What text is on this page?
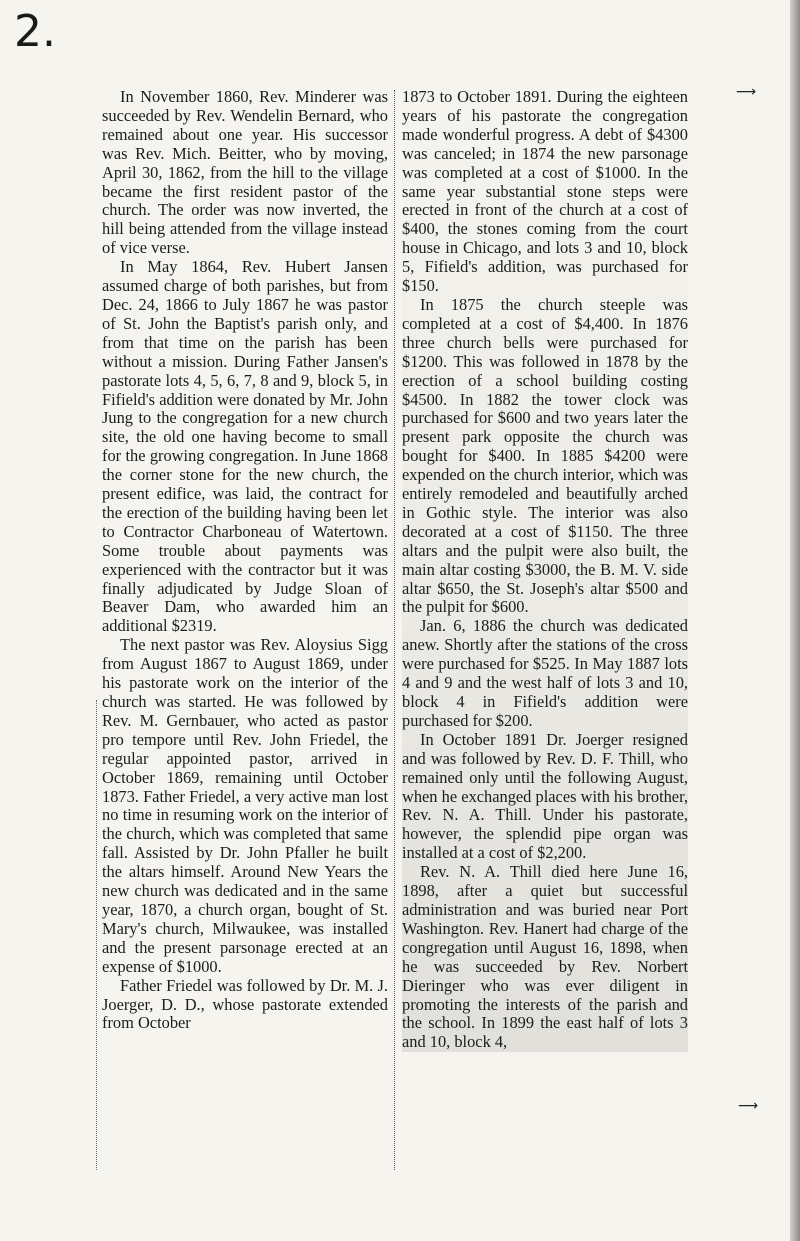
2.
⟶
⟶

In November 1860, Rev. Minderer was succeeded by Rev. Wendelin Bernard, who remained about one year. His successor was Rev. Mich. Beitter, who by moving, April 30, 1862, from the hill to the village became the first resident pastor of the church. The order was now inverted, the hill being attended from the village instead of vice verse.

In May 1864, Rev. Hubert Jansen assumed charge of both parishes, but from Dec. 24, 1866 to July 1867 he was pastor of St. John the Baptist's parish only, and from that time on the parish has been without a mission. During Father Jansen's pastorate lots 4, 5, 6, 7, 8 and 9, block 5, in Fifield's addition were donated by Mr. John Jung to the congregation for a new church site, the old one having become to small for the growing congregation. In June 1868 the corner stone for the new church, the present edifice, was laid, the contract for the erection of the building having been let to Contractor Charboneau of Watertown. Some trouble about payments was experienced with the contractor but it was finally adjudicated by Judge Sloan of Beaver Dam, who awarded him an additional $2319.

The next pastor was Rev. Aloysius Sigg from August 1867 to August 1869, under his pastorate work on the interior of the church was started. He was followed by Rev. M. Gernbauer, who acted as pastor pro tempore until Rev. John Friedel, the regular appointed pastor, arrived in October 1869, remaining until October 1873. Father Friedel, a very active man lost no time in resuming work on the interior of the church, which was completed that same fall. Assisted by Dr. John Pfaller he built the altars himself. Around New Years the new church was dedicated and in the same year, 1870, a church organ, bought of St. Mary's church, Milwaukee, was installed and the present parsonage erected at an expense of $1000.

Father Friedel was followed by Dr. M. J. Joerger, D. D., whose pastorate extended from October

1873 to October 1891. During the eighteen years of his pastorate the congregation made wonderful progress. A debt of $4300 was canceled; in 1874 the new parsonage was completed at a cost of $1000. In the same year substantial stone steps were erected in front of the church at a cost of $400, the stones coming from the court house in Chicago, and lots 3 and 10, block 5, Fifield's addition, was purchased for $150.

In 1875 the church steeple was completed at a cost of $4,400. In 1876 three church bells were purchased for $1200. This was followed in 1878 by the erection of a school building costing $4500. In 1882 the tower clock was purchased for $600 and two years later the present park opposite the church was bought for $400. In 1885 $4200 were expended on the church interior, which was entirely remodeled and beautifully arched in Gothic style. The interior was also decorated at a cost of $1150. The three altars and the pulpit were also built, the main altar costing $3000, the B. M. V. side altar $650, the St. Joseph's altar $500 and the pulpit for $600.

Jan. 6, 1886 the church was dedicated anew. Shortly after the stations of the cross were purchased for $525. In May 1887 lots 4 and 9 and the west half of lots 3 and 10, block 4 in Fifield's addition were purchased for $200.

In October 1891 Dr. Joerger resigned and was followed by Rev. D. F. Thill, who remained only until the following August, when he exchanged places with his brother, Rev. N. A. Thill. Under his pastorate, however, the splendid pipe organ was installed at a cost of $2,200.

Rev. N. A. Thill died here June 16, 1898, after a quiet but successful administration and was buried near Port Washington. Rev. Hanert had charge of the congregation until August 16, 1898, when he was succeeded by Rev. Norbert Dieringer who was ever diligent in promoting the interests of the parish and the school. In 1899 the east half of lots 3 and 10, block 4,
